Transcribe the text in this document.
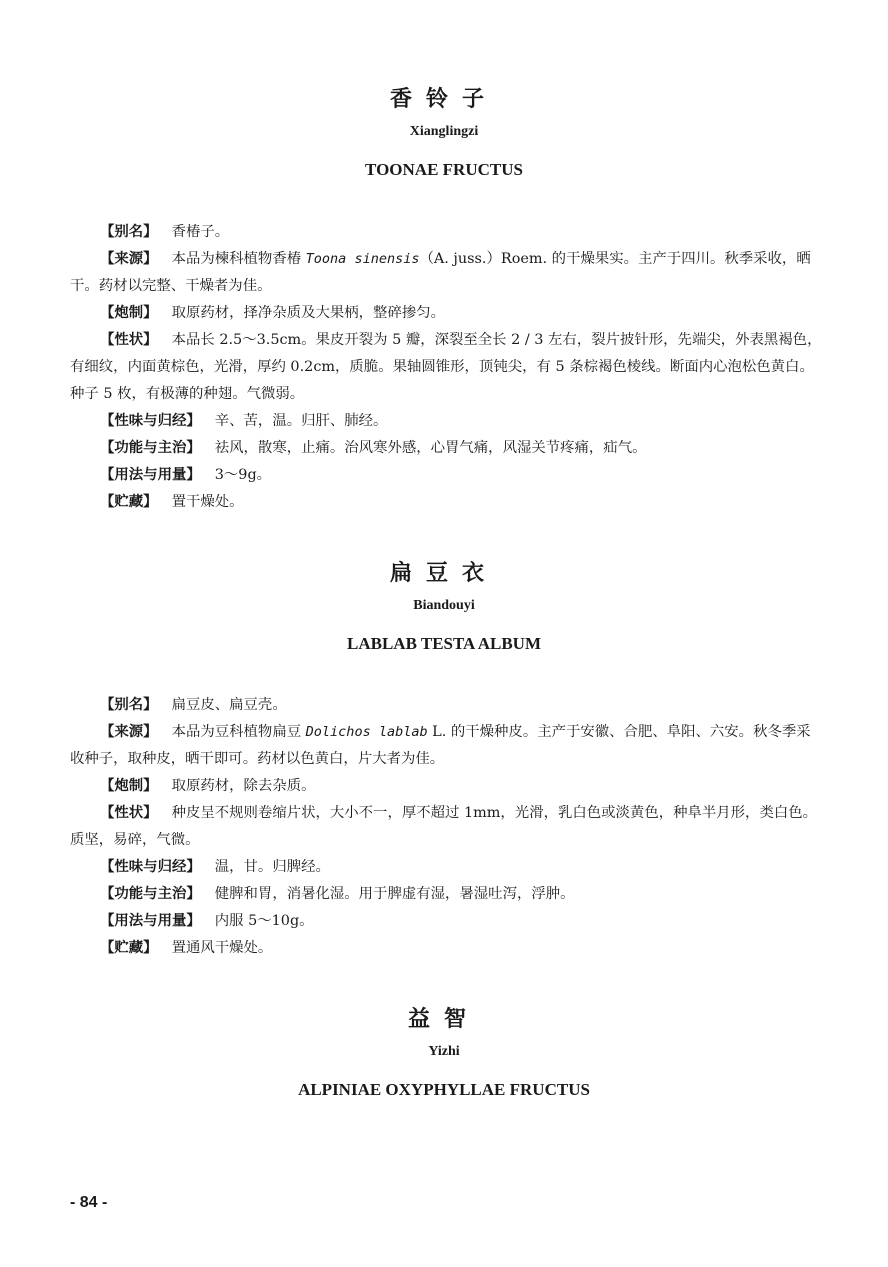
香铃子
Xianglingzi
TOONAE FRUCTUS

【别名】 香椿子。

【来源】 本品为楝科植物香椿 Toona sinensis（A. juss.）Roem. 的干燥果实。主产于四川。秋季采收，晒干。药材以完整、干燥者为佳。

【炮制】 取原药材，择净杂质及大果柄，整碎掺匀。

【性状】 本品长 2.5～3.5cm。果皮开裂为 5 瓣，深裂至全长 2 / 3 左右，裂片披针形，先端尖，外表黑褐色，有细纹，内面黄棕色，光滑，厚约 0.2cm，质脆。果轴圆锥形，顶钝尖，有 5 条棕褐色棱线。断面内心泡松色黄白。种子 5 枚，有极薄的种翅。气微弱。

【性味与归经】 辛、苦，温。归肝、肺经。

【功能与主治】 祛风，散寒，止痛。治风寒外感，心胃气痛，风湿关节疼痛，疝气。

【用法与用量】 3～9g。

【贮藏】 置干燥处。

扁豆衣
Biandouyi
LABLAB TESTA ALBUM

【别名】 扁豆皮、扁豆壳。

【来源】 本品为豆科植物扁豆 Dolichos lablab L. 的干燥种皮。主产于安徽、合肥、阜阳、六安。秋冬季采收种子，取种皮，晒干即可。药材以色黄白，片大者为佳。

【炮制】 取原药材，除去杂质。

【性状】 种皮呈不规则卷缩片状，大小不一，厚不超过 1mm，光滑，乳白色或淡黄色，种阜半月形，类白色。质坚，易碎，气微。

【性味与归经】 温，甘。归脾经。

【功能与主治】 健脾和胃，消暑化湿。用于脾虚有湿，暑湿吐泻，浮肿。

【用法与用量】 内服 5～10g。

【贮藏】 置通风干燥处。

益智
Yizhi
ALPINIAE OXYPHYLLAE FRUCTUS
- 84 -
